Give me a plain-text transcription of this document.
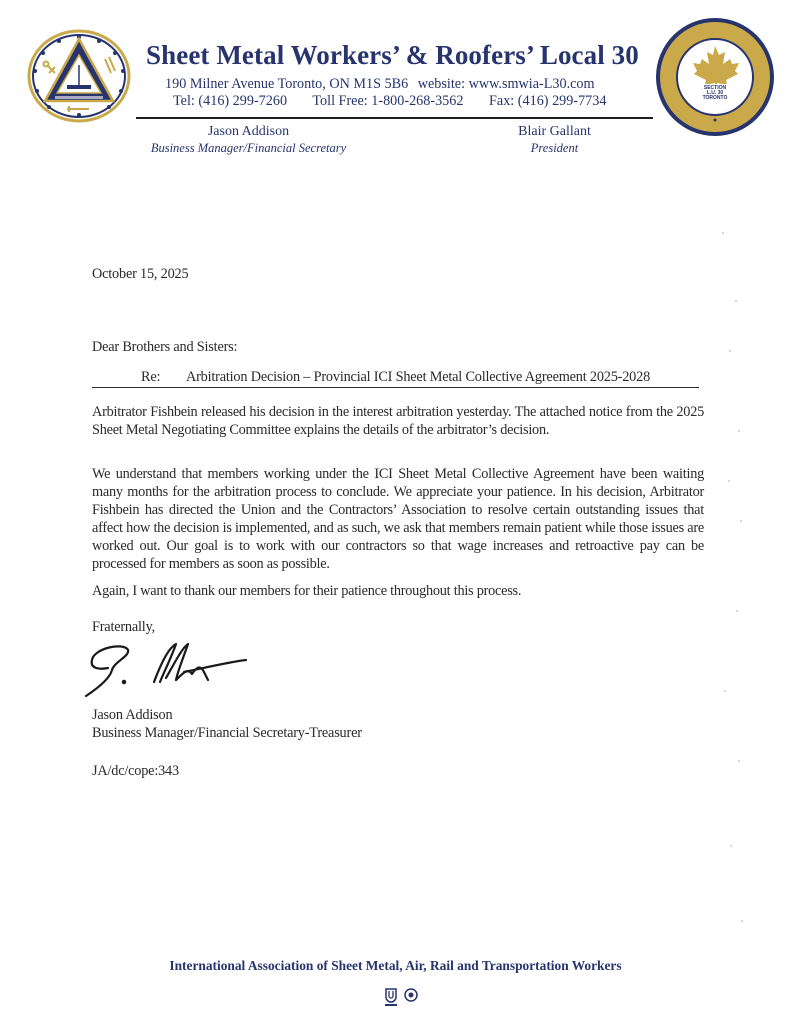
Sheet Metal Workers’ & Roofers’ Local 30
190 Milner Avenue Toronto, ON M1S 5B6 website: www.smwia-L30.com
Tel: (416) 299-7260 Toll Free: 1-800-268-3562 Fax: (416) 299-7734
SECTION
L.U. 30
TORONTO
Jason Addison
Business Manager/Financial Secretary
Blair Gallant
President
October 15, 2025
Dear Brothers and Sisters:
Re: Arbitration Decision – Provincial ICI Sheet Metal Collective Agreement 2025-2028
Arbitrator Fishbein released his decision in the interest arbitration yesterday. The attached notice from the 2025 Sheet Metal Negotiating Committee explains the details of the arbitrator’s decision.
We understand that members working under the ICI Sheet Metal Collective Agreement have been waiting many months for the arbitration process to conclude. We appreciate your patience. In his decision, Arbitrator Fishbein has directed the Union and the Contractors’ Association to resolve certain outstanding issues that affect how the decision is implemented, and as such, we ask that members remain patient while those issues are worked out. Our goal is to work with our contractors so that wage increases and retroactive pay can be processed for members as soon as possible.
Again, I want to thank our members for their patience throughout this process.
Fraternally,
Jason Addison
Business Manager/Financial Secretary-Treasurer
JA/dc/cope:343
International Association of Sheet Metal, Air, Rail and Transportation Workers
